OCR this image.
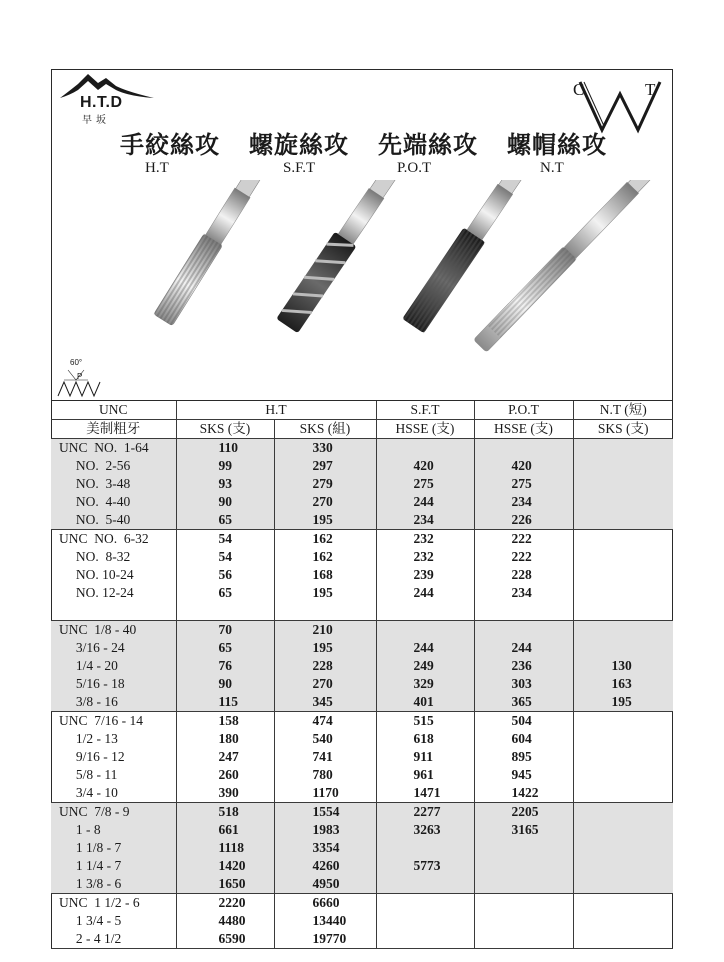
H.T.D
早坂
C	T
手絞絲攻 螺旋絲攻 先端絲攻 螺帽絲攻
H.T	S.F.T	P.O.T	N.T
60°
P
UNC	H.T		S.F.T	P.O.T	N.T (短)
美制粗牙	SKS (支)	SKS (組)	HSSE (支)	HSSE (支)	SKS (支)
UNC  NO.  1-64	110	330			
NO.  2-56	99	297	420	420	
NO.  3-48	93	279	275	275	
NO.  4-40	90	270	244	234	
NO.  5-40	65	195	234	226	
UNC  NO.  6-32	54	162	232	222	
NO.  8-32	54	162	232	222	
NO. 10-24	56	168	239	228	
NO. 12-24	65	195	244	234	

UNC  1/8 - 40	70	210			
3/16 - 24	65	195	244	244	
1/4 - 20	76	228	249	236	130
5/16 - 18	90	270	329	303	163
3/8 - 16	115	345	401	365	195
UNC  7/16 - 14	158	474	515	504	
1/2 - 13	180	540	618	604	
9/16 - 12	247	741	911	895	
5/8 - 11	260	780	961	945	
3/4 - 10	390	1170	1471	1422	
UNC  7/8 - 9	518	1554	2277	2205	
1 - 8	661	1983	3263	3165	
1 1/8 - 7	1118	3354			
1 1/4 - 7	1420	4260	5773		
1 3/8 - 6	1650	4950			
UNC  1 1/2 - 6	2220	6660			
1 3/4 - 5	4480	13440			
2 - 4 1/2	6590	19770			
